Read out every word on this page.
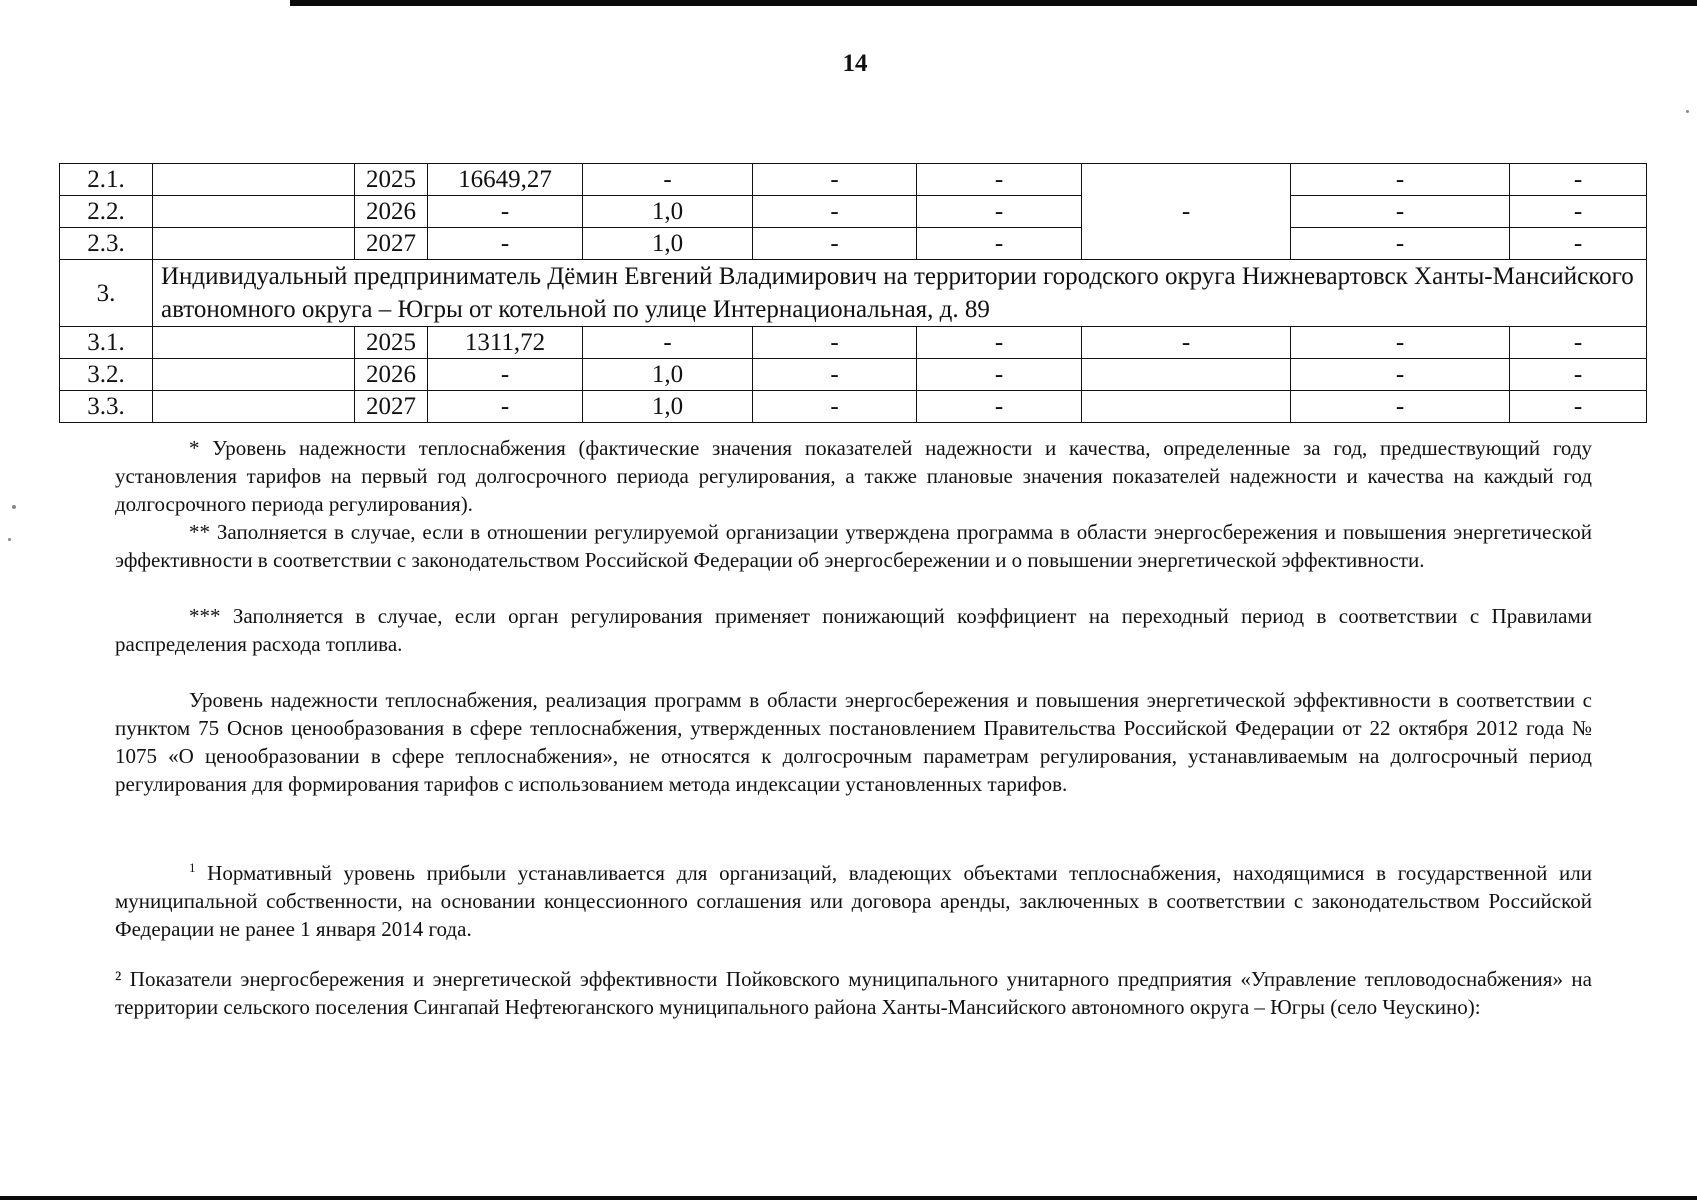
14
2.1.		2025	16649,27	-	-	-	-	-	-
2.2.		2026	-	1,0	-	-		-	-
2.3.		2027	-	1,0	-	-		-	-
3.	Индивидуальный предприниматель Дёмин Евгений Владимирович на территории городского округа Нижневартовск Ханты-Мансийского автономного округа – Югры от котельной по улице Интернациональная, д. 89								
3.1.		2025	1311,72	-	-	-	-	-	-
3.2.		2026	-	1,0	-	-		-	-
3.3.		2027	-	1,0	-	-		-	-
* Уровень надежности теплоснабжения (фактические значения показателей надежности и качества, определенные за год, предшествующий году установления тарифов на первый год долгосрочного периода регулирования, а также плановые значения показателей надежности и качества на каждый год долгосрочного периода регулирования).
** Заполняется в случае, если в отношении регулируемой организации утверждена программа в области энергосбережения и повышения энергетической эффективности в соответствии с законодательством Российской Федерации об энергосбережении и о повышении энергетической эффективности.
*** Заполняется в случае, если орган регулирования применяет понижающий коэффициент на переходный период в соответствии с Правилами распределения расхода топлива.
Уровень надежности теплоснабжения, реализация программ в области энергосбережения и повышения энергетической эффективности в соответствии с пунктом 75 Основ ценообразования в сфере теплоснабжения, утвержденных постановлением Правительства Российской Федерации от 22 октября 2012 года № 1075 «О ценообразовании в сфере теплоснабжения», не относятся к долгосрочным параметрам регулирования, устанавливаемым на долгосрочный период регулирования для формирования тарифов с использованием метода индексации установленных тарифов.
$^1$ Нормативный уровень прибыли устанавливается для организаций, владеющих объектами теплоснабжения, находящимися в государственной или муниципальной собственности, на основании концессионного соглашения или договора аренды, заключенных в соответствии с законодательством Российской Федерации не ранее 1 января 2014 года.
² Показатели энергосбережения и энергетической эффективности Пойковского муниципального унитарного предприятия «Управление тепловодоснабжения» на территории сельского поселения Сингапай Нефтеюганского муниципального района Ханты-Мансийского автономного округа – Югры (село Чеускино):
